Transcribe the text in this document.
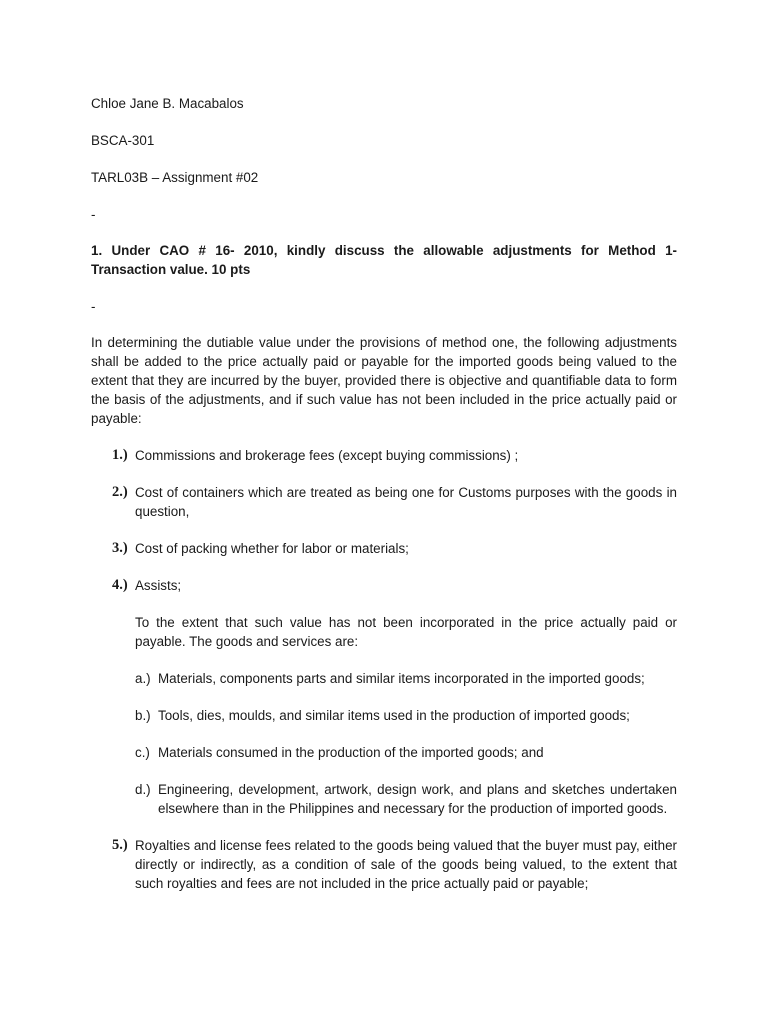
Chloe Jane B. Macabalos

BSCA-301

TARL03B – Assignment #02

-

1. Under CAO # 16- 2010, kindly discuss the allowable adjustments for Method 1- Transaction value. 10 pts

-

In determining the dutiable value under the provisions of method one, the following adjustments shall be added to the price actually paid or payable for the imported goods being valued to the extent that they are incurred by the buyer, provided there is objective and quantifiable data to form the basis of the adjustments, and if such value has not been included in the price actually paid or payable:

1.) Commissions and brokerage fees (except buying commissions) ;
2.) Cost of containers which are treated as being one for Customs purposes with the goods in question,
3.) Cost of packing whether for labor or materials;
4.) Assists;

To the extent that such value has not been incorporated in the price actually paid or payable. The goods and services are:

a.) Materials, components parts and similar items incorporated in the imported goods;
b.) Tools, dies, moulds, and similar items used in the production of imported goods;
c.) Materials consumed in the production of the imported goods; and
d.) Engineering, development, artwork, design work, and plans and sketches undertaken elsewhere than in the Philippines and necessary for the production of imported goods.
5.) Royalties and license fees related to the goods being valued that the buyer must pay, either directly or indirectly, as a condition of sale of the goods being valued, to the extent that such royalties and fees are not included in the price actually paid or payable;
